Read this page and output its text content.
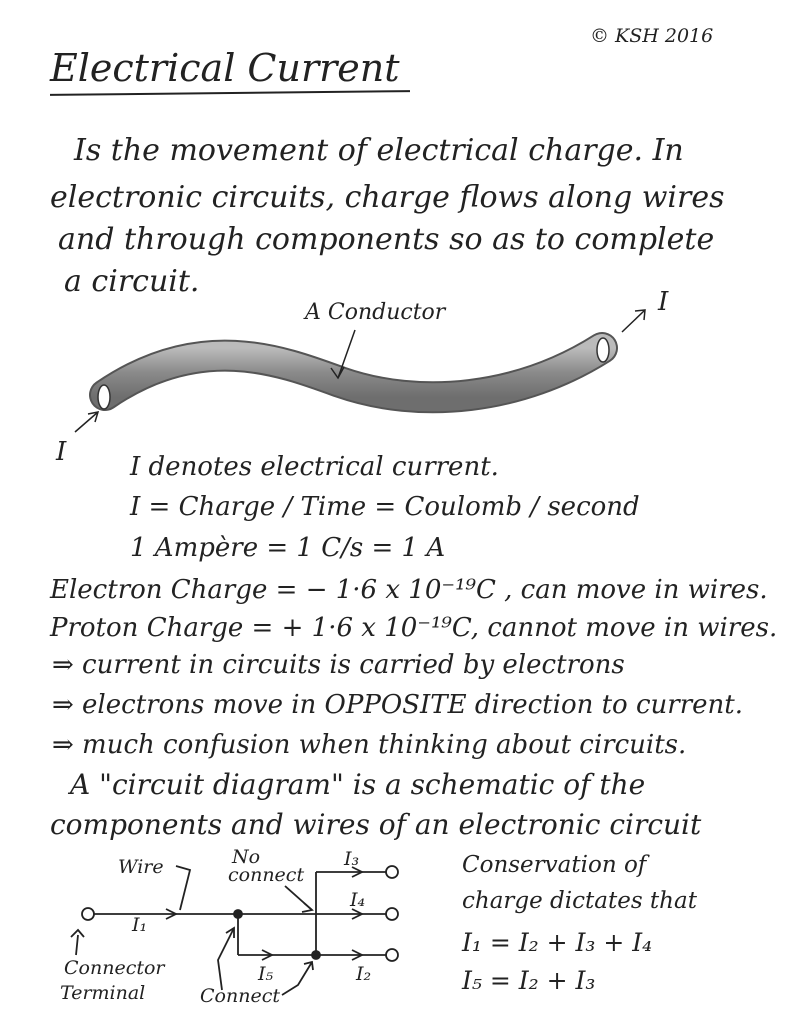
© KSH 2016
Electrical Current
Is the movement of electrical charge. In
electronic circuits, charge flows along wires
and through components so as to complete
a circuit.
A Conductor	I
I I denotes electrical current.
I = Charge / Time = Coulomb / second
1 Ampère = 1 C/s = 1 A
Electron Charge = − 1·6 x 10⁻¹⁹C , can move in wires.
Proton Charge = + 1·6 x 10⁻¹⁹C, cannot move in wires.
⇒ current in circuits is carried by electrons
⇒ electrons move in OPPOSITE direction to current.
⇒ much confusion when thinking about circuits.
A "circuit diagram" is a schematic of the
components and wires of an electronic circuit
Wire	No
connect
Connector
Terminal	Connect
I₁
I₂
I₃
I₄
I₅
Conservation of
charge dictates that
I₁ = I₂ + I₃ + I₄
I₅ = I₂ + I₃
